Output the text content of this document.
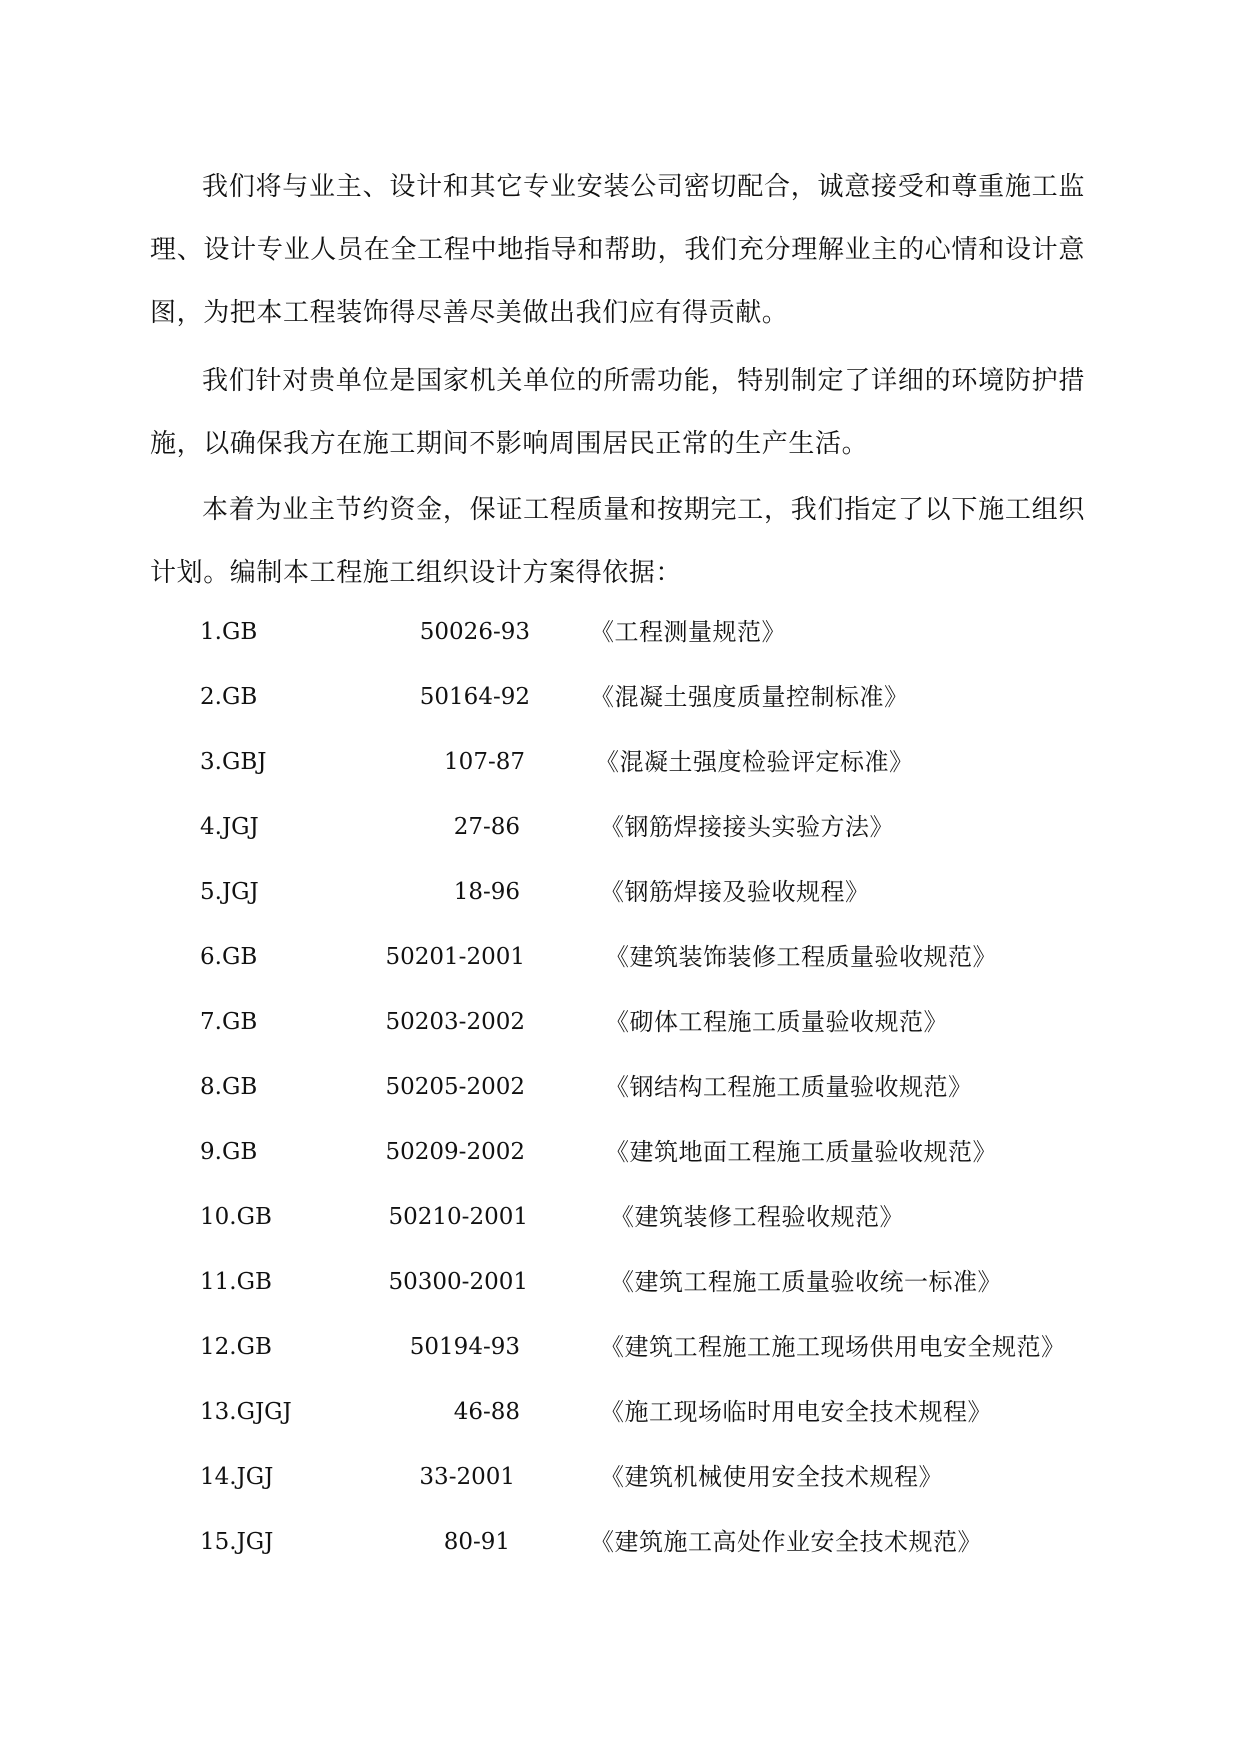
我们将与业主、设计和其它专业安装公司密切配合，诚意接受和尊重施工监理、设计专业人员在全工程中地指导和帮助，我们充分理解业主的心情和设计意图，为把本工程装饰得尽善尽美做出我们应有得贡献。

我们针对贵单位是国家机关单位的所需功能，特别制定了详细的环境防护措施，以确保我方在施工期间不影响周围居民正常的生产生活。

本着为业主节约资金，保证工程质量和按期完工，我们指定了以下施工组织计划。编制本工程施工组织设计方案得依据：

1.GB	50026-93	《工程测量规范》
2.GB	50164-92	《混凝土强度质量控制标准》
3.GBJ	107-87	《混凝土强度检验评定标准》
4.JGJ	27-86	《钢筋焊接接头实验方法》
5.JGJ	18-96	《钢筋焊接及验收规程》
6.GB	50201-2001	《建筑装饰装修工程质量验收规范》
7.GB	50203-2002	《砌体工程施工质量验收规范》
8.GB	50205-2002	《钢结构工程施工质量验收规范》
9.GB	50209-2002	《建筑地面工程施工质量验收规范》
10.GB	50210-2001	《建筑装修工程验收规范》
11.GB	50300-2001	《建筑工程施工质量验收统一标准》
12.GB	50194-93	《建筑工程施工施工现场供用电安全规范》
13.GJGJ	46-88	《施工现场临时用电安全技术规程》
14.JGJ	33-2001	《建筑机械使用安全技术规程》
15.JGJ	80-91	《建筑施工高处作业安全技术规范》
